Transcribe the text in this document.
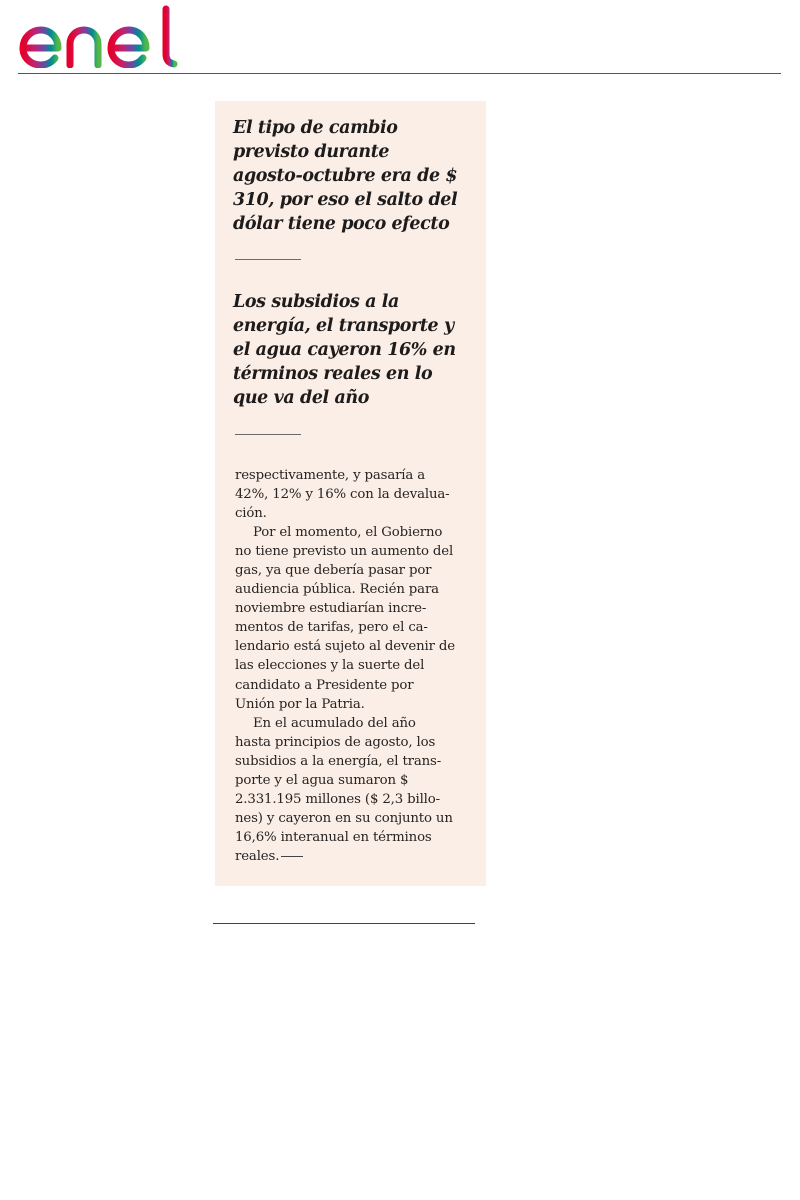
El tipo de cambio
previsto durante
agosto-octubre era de $
310, por eso el salto del
dólar tiene poco efecto
Los subsidios a la
energía, el transporte y
el agua cayeron 16% en
términos reales en lo
que va del año
respectivamente, y pasaría a
42%, 12% y 16% con la devalua-
ción.
Por el momento, el Gobierno
no tiene previsto un aumento del
gas, ya que debería pasar por
audiencia pública. Recién para
noviembre estudiarían incre-
mentos de tarifas, pero el ca-
lendario está sujeto al devenir de
las elecciones y la suerte del
candidato a Presidente por
Unión por la Patria.
En el acumulado del año
hasta principios de agosto, los
subsidios a la energía, el trans-
porte y el agua sumaron $
2.331.195 millones ($ 2,3 billo-
nes) y cayeron en su conjunto un
16,6% interanual en términos
reales.
